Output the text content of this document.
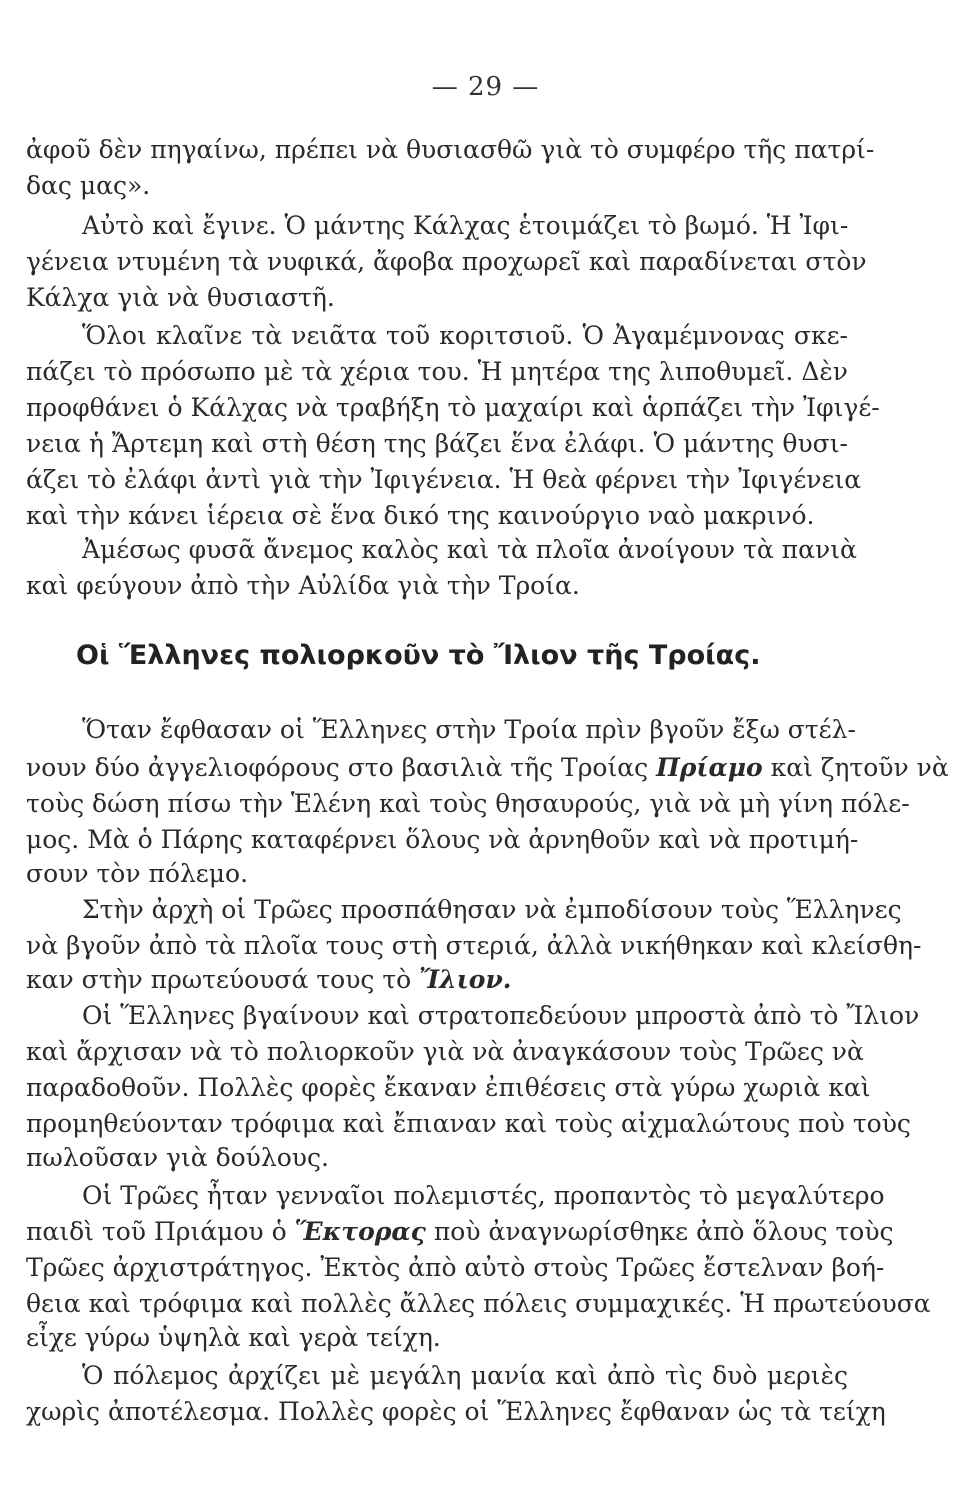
— 29 —
ἀφοῦ δὲν πηγαίνω, πρέπει νὰ θυσιασθῶ γιὰ τὸ συμφέρο τῆς πατρί-
δας μας».
Αὐτὸ καὶ ἔγινε. Ὁ μάντης Κάλχας ἑτοιμάζει τὸ βωμό. Ἡ Ἰφι-
γένεια ντυμένη τὰ νυφικά, ἄφοβα προχωρεῖ καὶ παραδίνεται στὸν
Κάλχα γιὰ νὰ θυσιαστῆ.
Ὅλοι κλαῖνε τὰ νειᾶτα τοῦ κοριτσιοῦ. Ὁ Ἀγαμέμνονας σκε-
πάζει τὸ πρόσωπο μὲ τὰ χέρια του. Ἡ μητέρα της λιποθυμεῖ. Δὲν
προφθάνει ὁ Κάλχας νὰ τραβήξη τὸ μαχαίρι καὶ ἁρπάζει τὴν Ἰφιγέ-
νεια ἡ Ἄρτεμη καὶ στὴ θέση της βάζει ἕνα ἐλάφι. Ὁ μάντης θυσι-
άζει τὸ ἐλάφι ἀντὶ γιὰ τὴν Ἰφιγένεια. Ἡ θεὰ φέρνει τὴν Ἰφιγένεια
καὶ τὴν κάνει ἱέρεια σὲ ἕνα δικό της καινούργιο ναὸ μακρινό.
Ἀμέσως φυσᾶ ἄνεμος καλὸς καὶ τὰ πλοῖα ἀνοίγουν τὰ πανιὰ
καὶ φεύγουν ἀπὸ τὴν Αὐλίδα γιὰ τὴν Τροία.
Οἱ Ἕλληνες πολιορκοῦν τὸ Ἴλιον τῆς Τροίας.
Ὅταν ἔφθασαν οἱ Ἕλληνες στὴν Τροία πρὶν βγοῦν ἔξω στέλ-
νουν δύο ἀγγελιοφόρους στο βασιλιὰ τῆς Τροίας Πρίαμο καὶ ζητοῦν νὰ
τοὺς δώση πίσω τὴν Ἑλένη καὶ τοὺς θησαυρούς, γιὰ νὰ μὴ γίνη πόλε-
μος. Μὰ ὁ Πάρης καταφέρνει ὅλους νὰ ἀρνηθοῦν καὶ νὰ προτιμή-
σουν τὸν πόλεμο.
Στὴν ἀρχὴ οἱ Τρῶες προσπάθησαν νὰ ἐμποδίσουν τοὺς Ἕλληνες
νὰ βγοῦν ἀπὸ τὰ πλοῖα τους στὴ στεριά, ἀλλὰ νικήθηκαν καὶ κλείσθη-
καν στὴν πρωτεύουσά τους τὸ Ἴλιον.
Οἱ Ἕλληνες βγαίνουν καὶ στρατοπεδεύουν μπροστὰ ἀπὸ τὸ Ἴλιον
καὶ ἄρχισαν νὰ τὸ πολιορκοῦν γιὰ νὰ ἀναγκάσουν τοὺς Τρῶες νὰ
παραδοθοῦν. Πολλὲς φορὲς ἔκαναν ἐπιθέσεις στὰ γύρω χωριὰ καὶ
προμηθεύονταν τρόφιμα καὶ ἔπιαναν καὶ τοὺς αἰχμαλώτους ποὺ τοὺς
πωλοῦσαν γιὰ δούλους.
Οἱ Τρῶες ἦταν γενναῖοι πολεμιστές, προπαντὸς τὸ μεγαλύτερο
παιδὶ τοῦ Πριάμου ὁ Ἕκτορας ποὺ ἀναγνωρίσθηκε ἀπὸ ὅλους τοὺς
Τρῶες ἀρχιστράτηγος. Ἐκτὸς ἀπὸ αὐτὸ στοὺς Τρῶες ἔστελναν βοή-
θεια καὶ τρόφιμα καὶ πολλὲς ἄλλες πόλεις συμμαχικές. Ἡ πρωτεύουσα
εἶχε γύρω ὑψηλὰ καὶ γερὰ τείχη.
Ὁ πόλεμος ἀρχίζει μὲ μεγάλη μανία καὶ ἀπὸ τὶς δυὸ μεριὲς
χωρὶς ἀποτέλεσμα. Πολλὲς φορὲς οἱ Ἕλληνες ἔφθαναν ὡς τὰ τείχη
